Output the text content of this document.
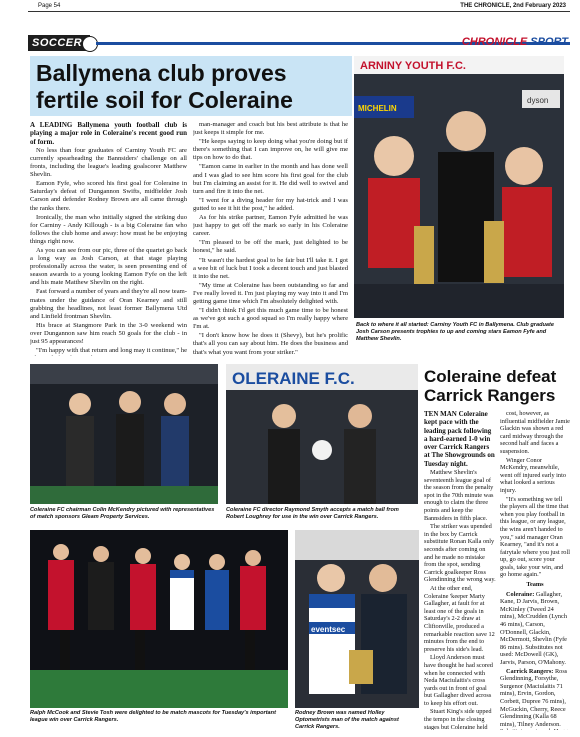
Page 54	THE CHRONICLE, 2nd February 2023
SOCCER	CHRONICLE SPORT
Ballymena club proves fertile soil for Coleraine

A LEADING Ballymena youth football club is playing a major role in Coleraine's recent good run of form.

No less than four graduates of Carniny Youth FC are currently spearheading the Bannsiders' challenge on all fronts, including the league's leading goalscorer Matthew Shevlin.

Eamon Fyfe, who scored his first goal for Coleraine in Saturday's defeat of Dungannon Swifts, midfielder Josh Carson and defender Rodney Brown are all came through the ranks there.

Ironically, the man who initially signed the striking duo for Carniny - Andy Killough - is a big Coleraine fan who follows the club home and away: how must he be enjoying things right now.

As you can see from our pic, three of the quartet go back a long way as Josh Carson, at that stage playing professionally across the water, is seen presenting end of season awards to a young looking Eamon Fyfe on the left and his mate Matthew Shevlin on the right.

Fast forward a number of years and they're all now team-mates under the guidance of Oran Kearney and still grabbing the headlines, not least former Ballymena Utd and Linfield frontman Shevlin.

His brace at Stangmore Park in the 3-0 weekend win over Dungannon saw him reach 50 goals for the club - in just 95 appearances!

"I'm happy with that return and long may it continue," he

man-manager and coach but his best attribute is that he just keeps it simple for me.

"He keeps saying to keep doing what you're doing but if there's something that I can improve on, he will give me tips on how to do that.

"Eamon came in earlier in the month and has done well and I was glad to see him score his first goal for the club but I'm claiming an assist for it. He did well to swivel and turn and fire it into the net.

"I went for a diving header for my hat-trick and I was gutted to see it hit the post," he added.

As for his strike partner, Eamon Fyfe admitted he was just happy to get off the mark so early in his Coleraine career.

"I'm pleased to be off the mark, just delighted to be honest," he said.

"It wasn't the hardest goal to be fair but I'll take it. I got a wee bit of luck but I took a decent touch and just blasted it into the net.

"My time at Coleraine has been outstanding so far and I've really loved it. I'm just playing my way into it and I'm getting game time which I'm absolutely delighted with.

"I didn't think I'd get this much game time to be honest as we've got such a good squad so I'm really happy where I'm at.

"I don't know how he does it (Shevy), but he's prolific that's all you can say about him. He does the business and that's what you want from your striker."

ARNINY YOUTH F.C.
MICHELIN
dyson
Back to where it all started: Carniny Youth FC in Ballymena. Club graduate Josh Carson presents trophies to up and coming stars Eamon Fyfe and Matthew Shevlin.
OLERAINE F.C.
Coleraine FC chairman Colin McKendry pictured with representatives of match sponsors Gleam Property Services.
Coleraine FC director Raymond Smyth accepts a match ball from Robert Loughrey for use in the win over Carrick Rangers.
eventsec
Ralph McCook and Stevie Tosh were delighted to be match mascots for Tuesday's important league win over Carrick Rangers.
Rodney Brown was named Holley Optometrists man of the match against Carrick Rangers.
Coleraine defeat Carrick Rangers

TEN MAN Coleraine kept pace with the leading pack following a hard-earned 1-0 win over Carrick Rangers at The Showgrounds on Tuesday night.

Matthew Shevlin's seventeenth league goal of the season from the penalty spot in the 70th minute was enough to claim the three points and keep the Bannsiders in fifth place.

The striker was upended in the box by Carrick substitute Ronan Kalla only seconds after coming on and he made no mistake from the spot, sending Carrick goalkeeper Ross Glendinning the wrong way.

At the other end, Coleraine 'keeper Marty Gallagher, at fault for at least one of the goals in Saturday's 2-2 draw at Cliftonville, produced a remarkable reaction save 12 minutes from the end to preserve his side's lead.

Lloyd Anderson must have thought he had scored when he connected with Neda Maciulaitis's cross yards out in front of goal but Gallagher dived across to keep his effort out.

Stuart King's side upped the tempo in the closing stages but Coleraine held

cost, however, as influential midfielder Jamie Glackin was shown a red card midway through the second half and faces a suspension.

Winger Conor McKendry, meanwhile, went off injured early into what looked a serious injury.

"It's something we tell the players all the time that when you play football in this league, or any league, the wins aren't handed to you," said manager Oran Kearney, "and it's not a fairytale where you just roll up, go out, score your goals, take your win, and go home again."

Teams

Coleraine: Gallagher, Kane, D Jarvis, Brown, McKinley (Tweed 24 mins), McCrudden (Lynch 46 mins), Carson, O'Donnell, Glackin, McDermott, Shevlin (Fyfe 86 mins). Substitutes not used: McDowell (GK), Jarvis, Parson, O'Mahony.

Carrick Rangers: Ross Glendinning, Forsythe, Surgenor (Maciulaitis 71 mins), Ervin, Gordon, Corbett, Dupree 76 mins), McGuckin, Cherry, Reece Glendinning (Kalla 68 mins), Tilney Anderson.
